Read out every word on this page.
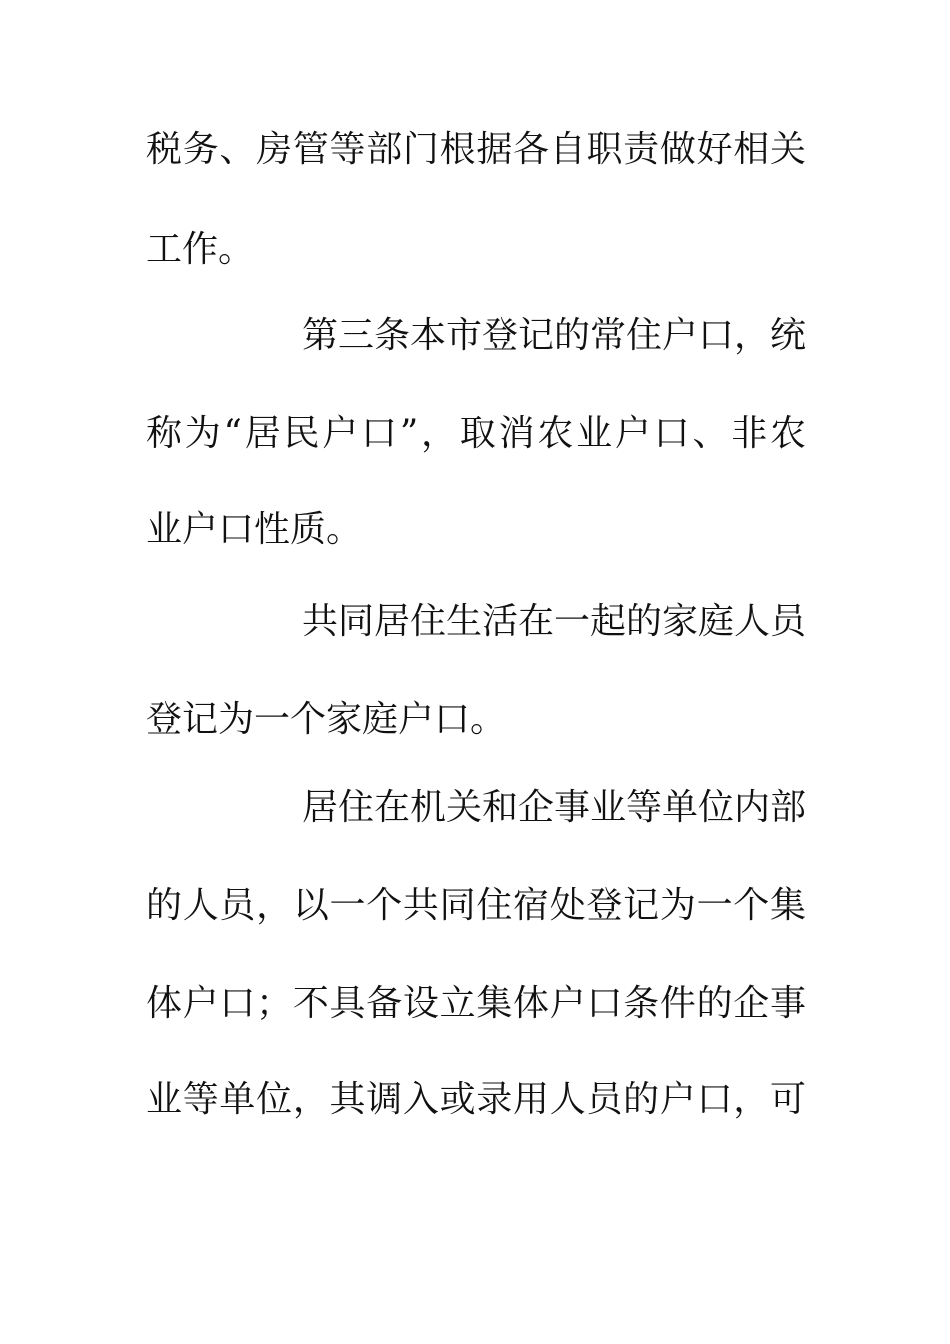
税务、房管等部门根据各自职责做好相关

工作。

第三条本市登记的常住户口，统

称为“居民户口”，取消农业户口、非农

业户口性质。

共同居住生活在一起的家庭人员

登记为一个家庭户口。

居住在机关和企事业等单位内部

的人员，以一个共同住宿处登记为一个集

体户口；不具备设立集体户口条件的企事

业等单位，其调入或录用人员的户口，可
